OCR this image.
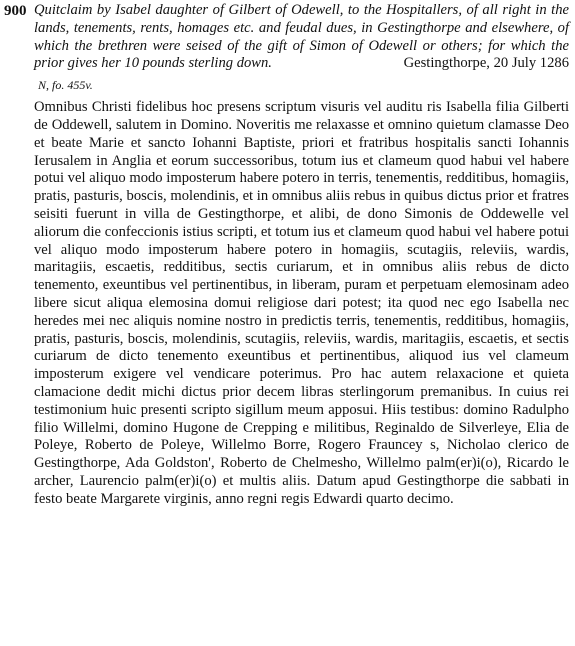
900 Quitclaim by Isabel daughter of Gilbert of Odewell, to the Hospitallers, of all right in the lands, tenements, rents, homages etc. and feudal dues, in Gestingthorpe and elsewhere, of which the brethren were seised of the gift of Simon of Odewell or others; for which the prior gives her 10 pounds sterling down.	Gestingthorpe, 20 July 1286
N, fo. 455v.
Omnibus Christi fidelibus hoc presens scriptum visuris vel auditu ris Isabella filia Gilberti de Oddewell, salutem in Domino. Noveritis me relaxasse et omnino quietum clamasse Deo et beate Marie et sancto Iohanni Baptiste, priori et fratribus hospitalis sancti Iohannis Ierusalem in Anglia et eorum successoribus, totum ius et clameum quod habui vel habere potui vel aliquo modo imposterum habere potero in terris, tenementis, redditibus, homagiis, pratis, pasturis, boscis, molendinis, et in omnibus aliis rebus in quibus dictus prior et fratres seisiti fuerunt in villa de Gestingthorpe, et alibi, de dono Simonis de Oddewelle vel aliorum die confeccionis istius scripti, et totum ius et clameum quod habui vel habere potui vel aliquo modo imposterum habere potero in homagiis, scutagiis, releviis, wardis, maritagiis, escaetis, redditibus, sectis curiarum, et in omnibus aliis rebus de dicto tenemento, exeuntibus vel pertinentibus, in liberam, puram et perpetuam elemosinam adeo libere sicut aliqua elemosina domui religiose dari potest; ita quod nec ego Isabella nec heredes mei nec aliquis nomine nostro in predictis terris, tenementis, redditibus, homagiis, pratis, pasturis, boscis, molendinis, scutagiis, releviis, wardis, maritagiis, escaetis, et sectis curiarum de dicto tenemento exeuntibus et pertinentibus, aliquod ius vel clameum imposterum exigere vel vendicare poterimus. Pro hac autem relaxacione et quieta clamacione dedit michi dictus prior decem libras sterlingorum premanibus. In cuius rei testimonium huic presenti scripto sigillum meum apposui. Hiis testibus: domino Radulpho filio Willelmi, domino Hugone de Crepping e militibus, Reginaldo de Silverleye, Elia de Poleye, Roberto de Poleye, Willelmo Borre, Rogero Frauncey s, Nicholao clerico de Gestingthorpe, Ada Goldston', Roberto de Chelmesho, Willelmo palm(er)i(o), Ricardo le archer, Laurencio palm(er)i(o) et multis aliis. Datum apud Gestingthorpe die sabbati in festo beate Margarete virginis, anno regni regis Edwardi quarto decimo.
